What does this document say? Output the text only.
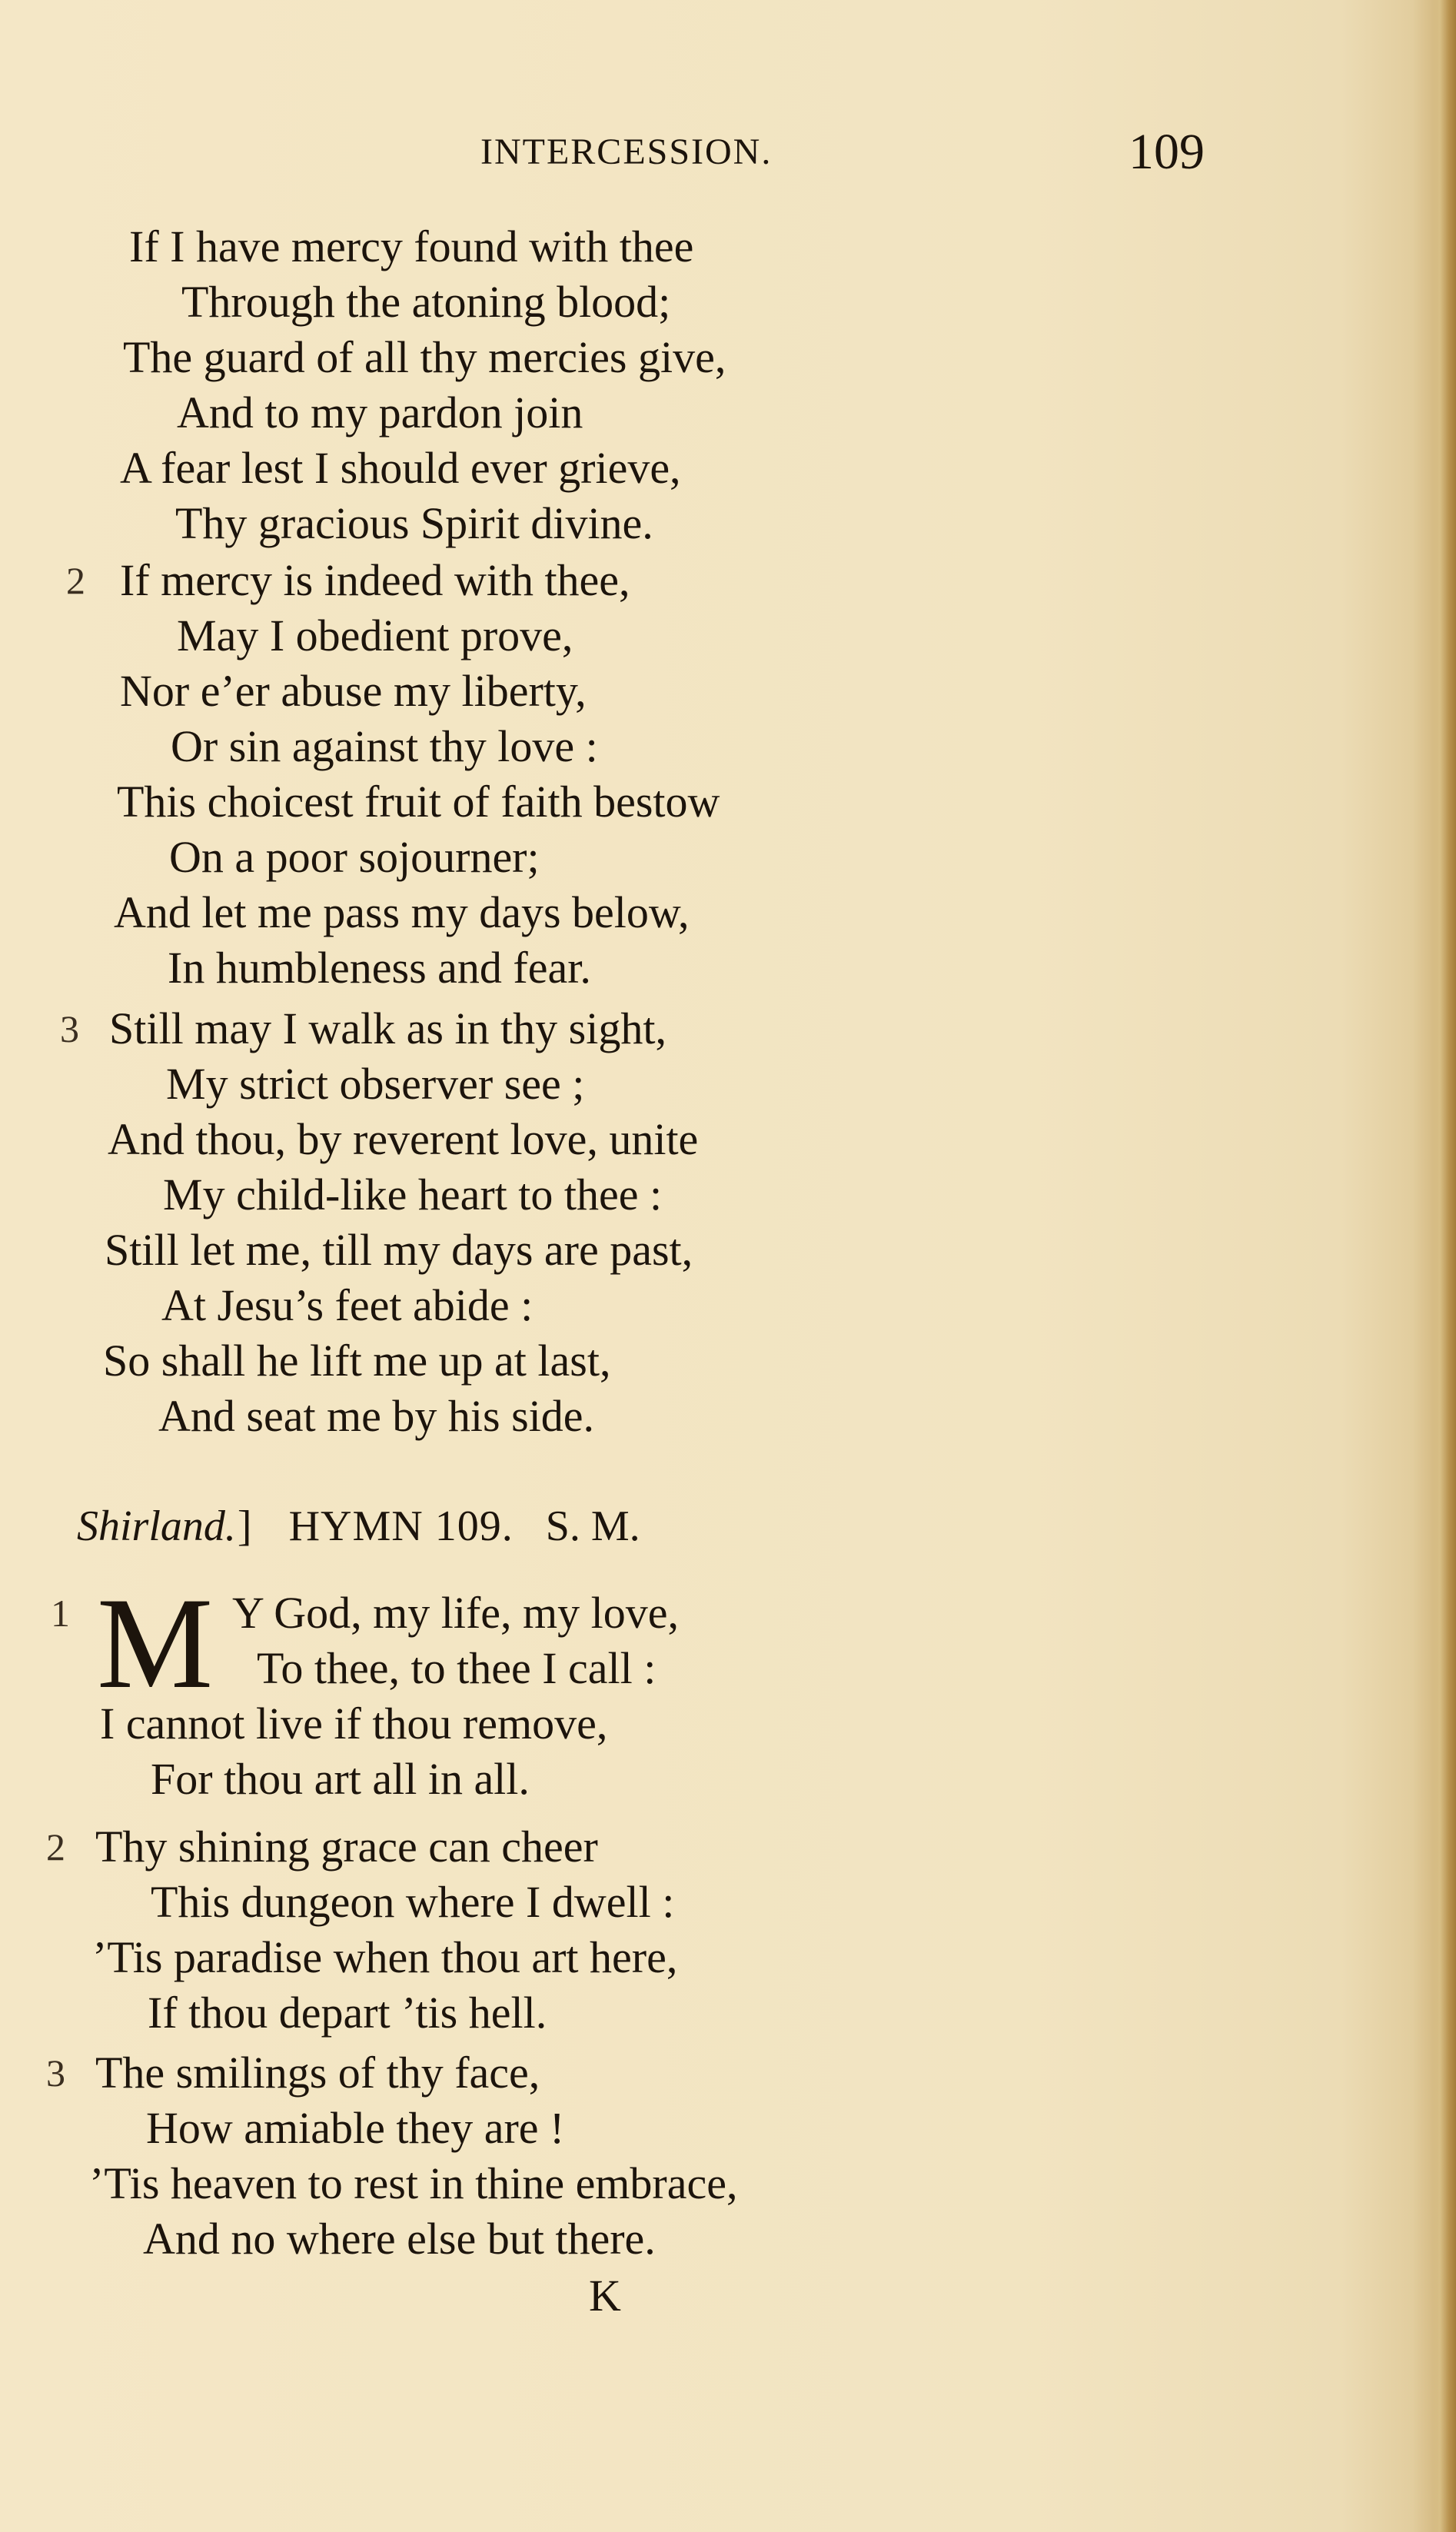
INTERCESSION.	109
If I have mercy found with thee
Through the atoning blood;
The guard of all thy mercies give,
And to my pardon join
A fear lest I should ever grieve,
Thy gracious Spirit divine.
2 If mercy is indeed with thee,
May I obedient prove,
Nor e’er abuse my liberty,
Or sin against thy love :
This choicest fruit of faith bestow
On a poor sojourner;
And let me pass my days below,
In humbleness and fear.
3 Still may I walk as in thy sight,
My strict observer see ;
And thou, by reverent love, unite
My child-like heart to thee :
Still let me, till my days are past,
At Jesu’s feet abide :
So shall he lift me up at last,
And seat me by his side.
Shirland.] HYMN 109. S. M.
M
1	Y God, my life, my love,
To thee, to thee I call :
I cannot live if thou remove,
For thou art all in all.
2 Thy shining grace can cheer
This dungeon where I dwell :
’Tis paradise when thou art here,
If thou depart ’tis hell.
3 The smilings of thy face,
How amiable they are !
’Tis heaven to rest in thine embrace,
And no where else but there.
K
